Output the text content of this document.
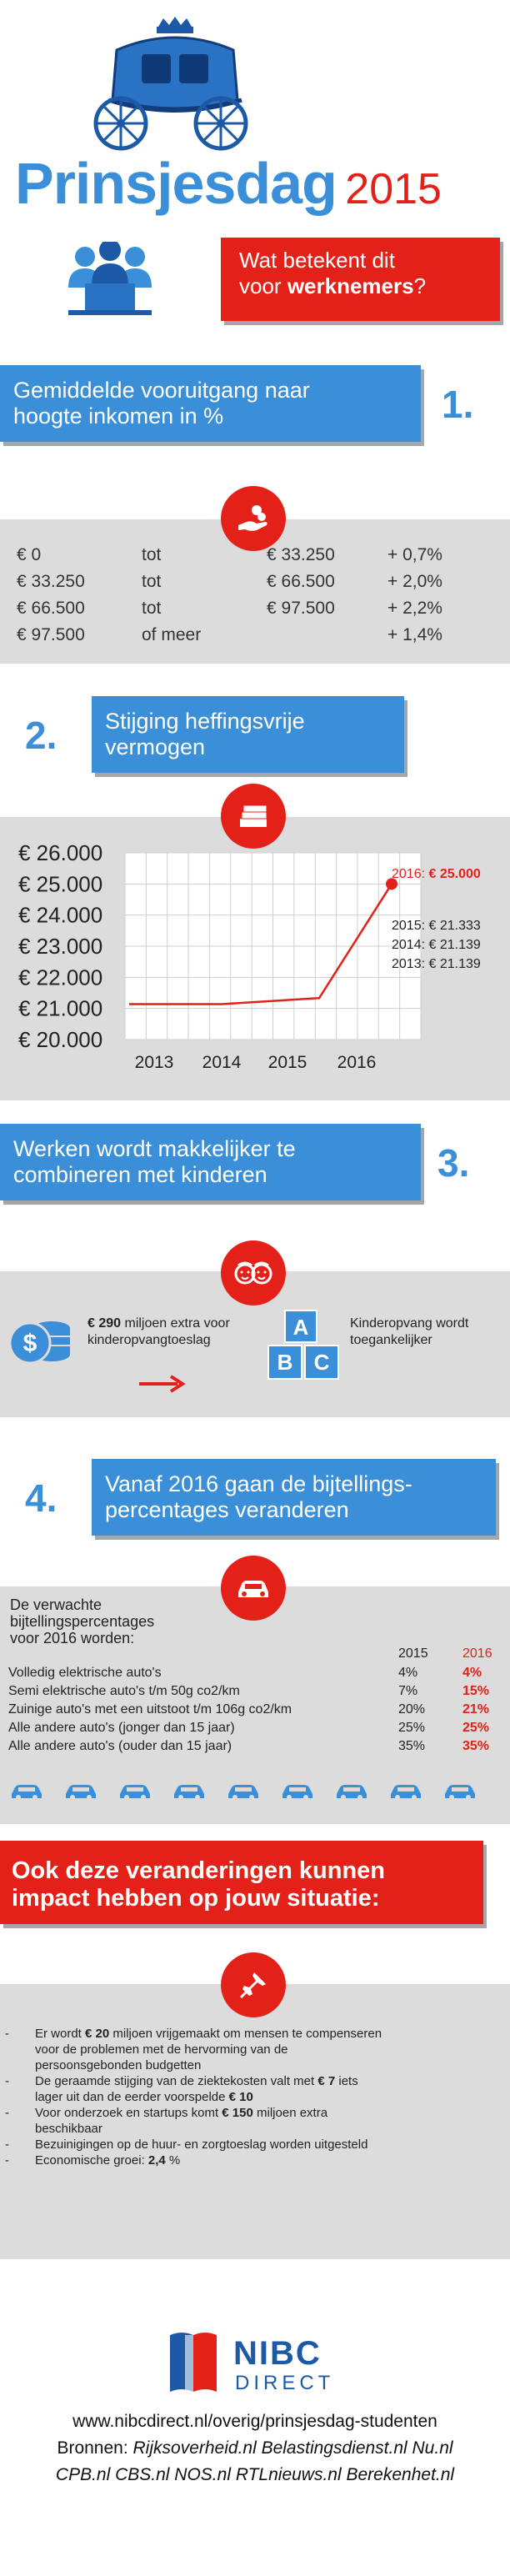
Prinsjesdag 2015
Wat betekent dit
voor werknemers?
Gemiddelde vooruitgang naar
hoogte inkomen in %	1.
€ 0	tot	€ 33.250	+ 0,7%
€ 33.250	tot	€ 66.500	+ 2,0%
€ 66.500	tot	€ 97.500	+ 2,2%
€ 97.500	of meer		+ 1,4%
2. Stijging heffingsvrije
vermogen
€ 26.000
€ 25.000
€ 24.000
€ 23.000
€ 22.000
€ 21.000
€ 20.000
2013 2014 2015 2016
2016: € 25.000
2015: € 21.333
2014: € 21.139
2013: € 21.139
Werken wordt makkelijker te
combineren met kinderen	3.
$
€ 290 miljoen extra voor
kinderopvangtoeslag
A
B C
Kinderopvang wordt
toegankelijker
4. Vanaf 2016 gaan de bijtellings-
percentages veranderen
De verwachte
bijtellingspercentages
voor 2016 worden:
2015	2016
Volledig elektrische auto's	4%	4%
Semi elektrische auto's t/m 50g co2/km	7%	15%
Zuinige auto's met een uitstoot t/m 106g co2/km	20%	21%
Alle andere auto's (jonger dan 15 jaar)	25%	25%
Alle andere auto's (ouder dan 15 jaar)	35%	35%
Ook deze veranderingen kunnen
impact hebben op jouw situatie:
- Er wordt € 20 miljoen vrijgemaakt om mensen te compenseren
voor de problemen met de hervorming van de
persoonsgebonden budgetten
- De geraamde stijging van de ziektekosten valt met € 7 iets
lager uit dan de eerder voorspelde € 10
- Voor onderzoek en startups komt € 150 miljoen extra
beschikbaar
- Bezuinigingen op de huur- en zorgtoeslag worden uitgesteld
- Economische groei: 2,4 %
NIBC
DIRECT
www.nibcdirect.nl/overig/prinsjesdag-studenten
Bronnen: Rijksoverheid.nl Belastingsdienst.nl Nu.nl
CPB.nl CBS.nl NOS.nl RTLnieuws.nl Berekenhet.nl
